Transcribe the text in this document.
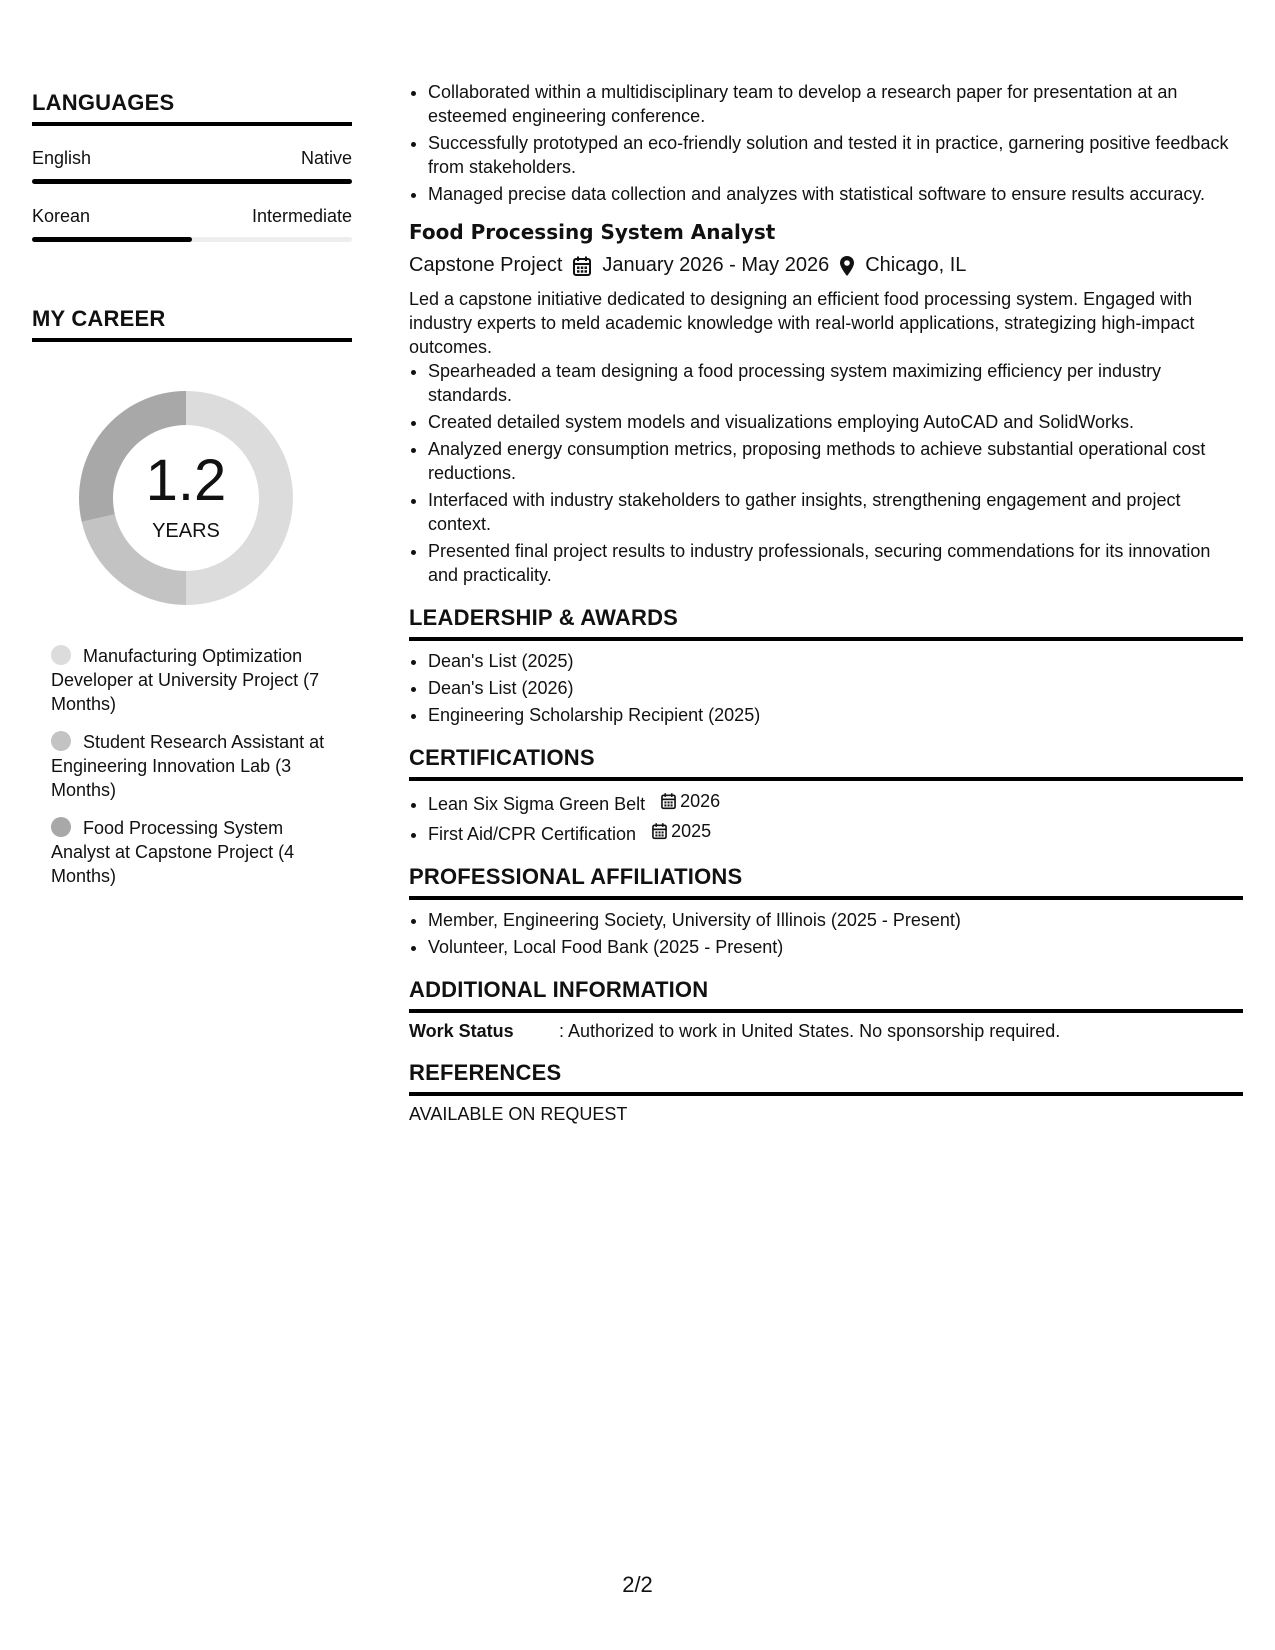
LANGUAGES
English	Native
Korean	Intermediate
MY CAREER
1.2
YEARS
Manufacturing Optimization Developer at University Project (7 Months)
Student Research Assistant at Engineering Innovation Lab (3 Months)
Food Processing System Analyst at Capstone Project (4 Months)
• Collaborated within a multidisciplinary team to develop a research paper for presentation at an esteemed engineering conference.
• Successfully prototyped an eco-friendly solution and tested it in practice, garnering positive feedback from stakeholders.
• Managed precise data collection and analyzes with statistical software to ensure results accuracy.
Food Processing System Analyst
Capstone Project January 2026 - May 2026 Chicago, IL
Led a capstone initiative dedicated to designing an efficient food processing system. Engaged with industry experts to meld academic knowledge with real-world applications, strategizing high-impact outcomes.
• Spearheaded a team designing a food processing system maximizing efficiency per industry standards.
• Created detailed system models and visualizations employing AutoCAD and SolidWorks.
• Analyzed energy consumption metrics, proposing methods to achieve substantial operational cost reductions.
• Interfaced with industry stakeholders to gather insights, strengthening engagement and project context.
• Presented final project results to industry professionals, securing commendations for its innovation and practicality.
LEADERSHIP & AWARDS
• Dean's List (2025)
• Dean's List (2026)
• Engineering Scholarship Recipient (2025)
CERTIFICATIONS
• Lean Six Sigma Green Belt 2026
• First Aid/CPR Certification 2025
PROFESSIONAL AFFILIATIONS
• Member, Engineering Society, University of Illinois (2025 - Present)
• Volunteer, Local Food Bank (2025 - Present)
ADDITIONAL INFORMATION
Work Status	: Authorized to work in United States. No sponsorship required.
REFERENCES
AVAILABLE ON REQUEST
2/2
